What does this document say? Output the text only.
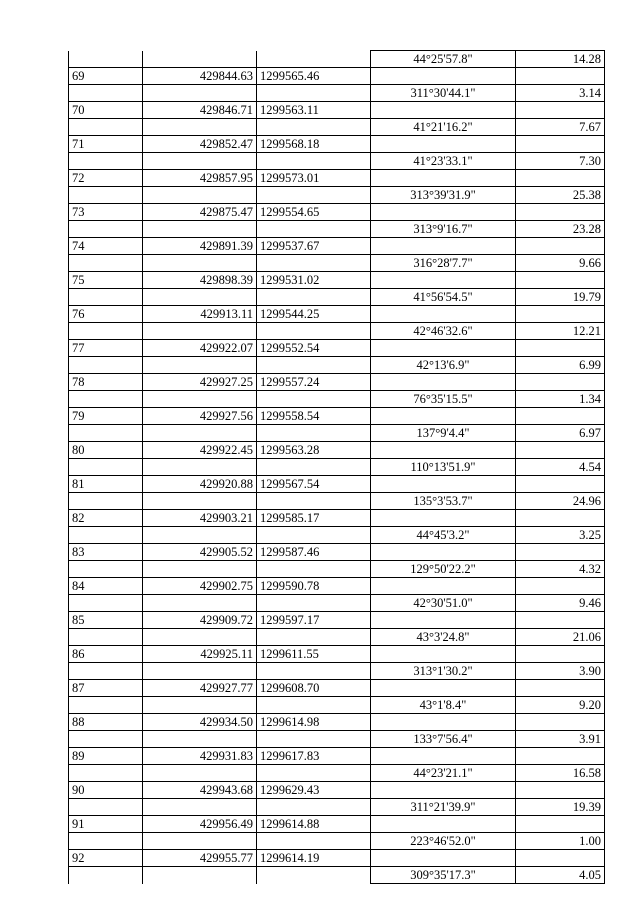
			44°25'57.8"	14.28
69	429844.63	1299565.46		
			311°30'44.1"	3.14
70	429846.71	1299563.11		
			41°21'16.2"	7.67
71	429852.47	1299568.18		
			41°23'33.1"	7.30
72	429857.95	1299573.01		
			313°39'31.9"	25.38
73	429875.47	1299554.65		
			313°9'16.7"	23.28
74	429891.39	1299537.67		
			316°28'7.7"	9.66
75	429898.39	1299531.02		
			41°56'54.5"	19.79
76	429913.11	1299544.25		
			42°46'32.6"	12.21
77	429922.07	1299552.54		
			42°13'6.9"	6.99
78	429927.25	1299557.24		
			76°35'15.5"	1.34
79	429927.56	1299558.54		
			137°9'4.4"	6.97
80	429922.45	1299563.28		
			110°13'51.9"	4.54
81	429920.88	1299567.54		
			135°3'53.7"	24.96
82	429903.21	1299585.17		
			44°45'3.2"	3.25
83	429905.52	1299587.46		
			129°50'22.2"	4.32
84	429902.75	1299590.78		
			42°30'51.0"	9.46
85	429909.72	1299597.17		
			43°3'24.8"	21.06
86	429925.11	1299611.55		
			313°1'30.2"	3.90
87	429927.77	1299608.70		
			43°1'8.4"	9.20
88	429934.50	1299614.98		
			133°7'56.4"	3.91
89	429931.83	1299617.83		
			44°23'21.1"	16.58
90	429943.68	1299629.43		
			311°21'39.9"	19.39
91	429956.49	1299614.88		
			223°46'52.0"	1.00
92	429955.77	1299614.19		
			309°35'17.3"	4.05
